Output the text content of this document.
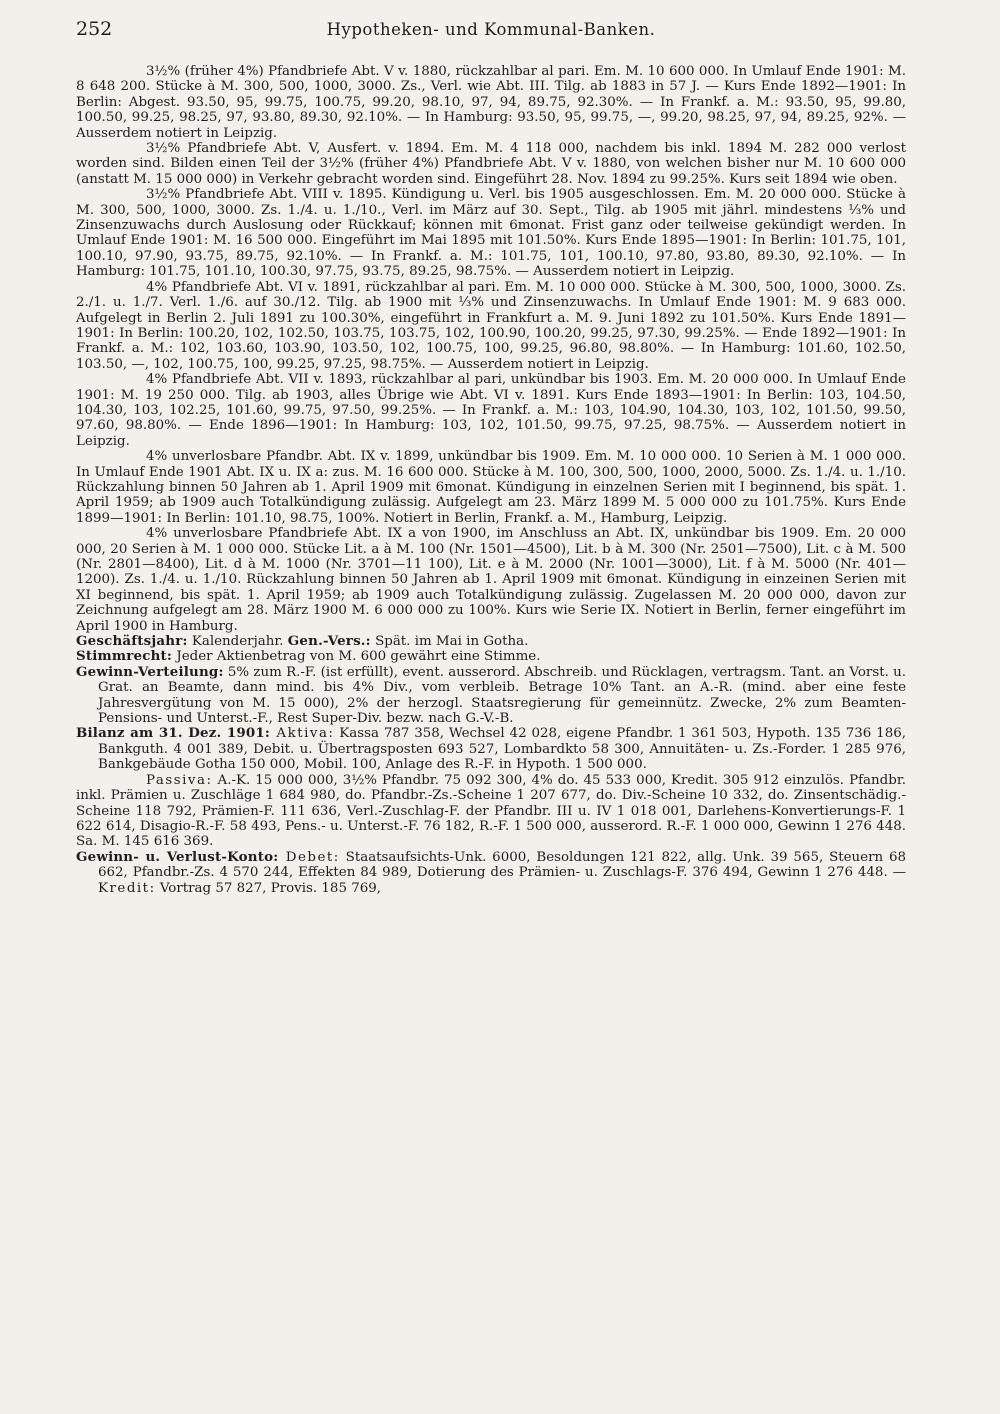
252	Hypotheken- und Kommunal-Banken.

3½% (früher 4%) Pfandbriefe Abt. V v. 1880, rückzahlbar al pari. Em. M. 10 600 000. In Umlauf Ende 1901: M. 8 648 200. Stücke à M. 300, 500, 1000, 3000. Zs., Verl. wie Abt. III. Tilg. ab 1883 in 57 J. — Kurs Ende 1892—1901: In Berlin: Abgest. 93.50, 95, 99.75, 100.75, 99.20, 98.10, 97, 94, 89.75, 92.30%. — In Frankf. a. M.: 93.50, 95, 99.80, 100.50, 99.25, 98.25, 97, 93.80, 89.30, 92.10%. — In Hamburg: 93.50, 95, 99.75, —, 99.20, 98.25, 97, 94, 89.25, 92%. — Ausserdem notiert in Leipzig.

3½% Pfandbriefe Abt. V, Ausfert. v. 1894. Em. M. 4 118 000, nachdem bis inkl. 1894 M. 282 000 verlost worden sind. Bilden einen Teil der 3½% (früher 4%) Pfandbriefe Abt. V v. 1880, von welchen bisher nur M. 10 600 000 (anstatt M. 15 000 000) in Verkehr gebracht worden sind. Eingeführt 28. Nov. 1894 zu 99.25%. Kurs seit 1894 wie oben.

3½% Pfandbriefe Abt. VIII v. 1895. Kündigung u. Verl. bis 1905 ausgeschlossen. Em. M. 20 000 000. Stücke à M. 300, 500, 1000, 3000. Zs. 1./4. u. 1./10., Verl. im März auf 30. Sept., Tilg. ab 1905 mit jährl. mindestens ⅓% und Zinsenzuwachs durch Auslosung oder Rückkauf; können mit 6monat. Frist ganz oder teilweise gekündigt werden. In Umlauf Ende 1901: M. 16 500 000. Eingeführt im Mai 1895 mit 101.50%. Kurs Ende 1895—1901: In Berlin: 101.75, 101, 100.10, 97.90, 93.75, 89.75, 92.10%. — In Frankf. a. M.: 101.75, 101, 100.10, 97.80, 93.80, 89.30, 92.10%. — In Hamburg: 101.75, 101.10, 100.30, 97.75, 93.75, 89.25, 98.75%. — Ausserdem notiert in Leipzig.

4% Pfandbriefe Abt. VI v. 1891, rückzahlbar al pari. Em. M. 10 000 000. Stücke à M. 300, 500, 1000, 3000. Zs. 2./1. u. 1./7. Verl. 1./6. auf 30./12. Tilg. ab 1900 mit ⅓% und Zinsenzuwachs. In Umlauf Ende 1901: M. 9 683 000. Aufgelegt in Berlin 2. Juli 1891 zu 100.30%, eingeführt in Frankfurt a. M. 9. Juni 1892 zu 101.50%. Kurs Ende 1891—1901: In Berlin: 100.20, 102, 102.50, 103.75, 103.75, 102, 100.90, 100.20, 99.25, 97.30, 99.25%. — Ende 1892—1901: In Frankf. a. M.: 102, 103.60, 103.90, 103.50, 102, 100.75, 100, 99.25, 96.80, 98.80%. — In Hamburg: 101.60, 102.50, 103.50, —, 102, 100.75, 100, 99.25, 97.25, 98.75%. — Ausserdem notiert in Leipzig.

4% Pfandbriefe Abt. VII v. 1893, rückzahlbar al pari, unkündbar bis 1903. Em. M. 20 000 000. In Umlauf Ende 1901: M. 19 250 000. Tilg. ab 1903, alles Übrige wie Abt. VI v. 1891. Kurs Ende 1893—1901: In Berlin: 103, 104.50, 104.30, 103, 102.25, 101.60, 99.75, 97.50, 99.25%. — In Frankf. a. M.: 103, 104.90, 104.30, 103, 102, 101.50, 99.50, 97.60, 98.80%. — Ende 1896—1901: In Hamburg: 103, 102, 101.50, 99.75, 97.25, 98.75%. — Ausserdem notiert in Leipzig.

4% unverlosbare Pfandbr. Abt. IX v. 1899, unkündbar bis 1909. Em. M. 10 000 000. 10 Serien à M. 1 000 000. In Umlauf Ende 1901 Abt. IX u. IX a: zus. M. 16 600 000. Stücke à M. 100, 300, 500, 1000, 2000, 5000. Zs. 1./4. u. 1./10. Rückzahlung binnen 50 Jahren ab 1. April 1909 mit 6monat. Kündigung in einzelnen Serien mit I beginnend, bis spät. 1. April 1959; ab 1909 auch Totalkündigung zulässig. Aufgelegt am 23. März 1899 M. 5 000 000 zu 101.75%. Kurs Ende 1899—1901: In Berlin: 101.10, 98.75, 100%. Notiert in Berlin, Frankf. a. M., Hamburg, Leipzig.

4% unverlosbare Pfandbriefe Abt. IX a von 1900, im Anschluss an Abt. IX, unkündbar bis 1909. Em. 20 000 000, 20 Serien à M. 1 000 000. Stücke Lit. a à M. 100 (Nr. 1501—4500), Lit. b à M. 300 (Nr. 2501—7500), Lit. c à M. 500 (Nr. 2801—8400), Lit. d à M. 1000 (Nr. 3701—11 100), Lit. e à M. 2000 (Nr. 1001—3000), Lit. f à M. 5000 (Nr. 401—1200). Zs. 1./4. u. 1./10. Rückzahlung binnen 50 Jahren ab 1. April 1909 mit 6monat. Kündigung in einzeinen Serien mit XI beginnend, bis spät. 1. April 1959; ab 1909 auch Totalkündigung zulässig. Zugelassen M. 20 000 000, davon zur Zeichnung aufgelegt am 28. März 1900 M. 6 000 000 zu 100%. Kurs wie Serie IX. Notiert in Berlin, ferner eingeführt im April 1900 in Hamburg.

Geschäftsjahr: Kalenderjahr. Gen.-Vers.: Spät. im Mai in Gotha.

Stimmrecht: Jeder Aktienbetrag von M. 600 gewährt eine Stimme.

Gewinn-Verteilung: 5% zum R.-F. (ist erfüllt), event. ausserord. Abschreib. und Rücklagen, vertragsm. Tant. an Vorst. u. Grat. an Beamte, dann mind. bis 4% Div., vom verbleib. Betrage 10% Tant. an A.-R. (mind. aber eine feste Jahresvergütung von M. 15 000), 2% der herzogl. Staatsregierung für gemeinnütz. Zwecke, 2% zum Beamten-Pensions- und Unterst.-F., Rest Super-Div. bezw. nach G.-V.-B.

Bilanz am 31. Dez. 1901: Aktiva: Kassa 787 358, Wechsel 42 028, eigene Pfandbr. 1 361 503, Hypoth. 135 736 186, Bankguth. 4 001 389, Debit. u. Übertragsposten 693 527, Lombardkto 58 300, Annuitäten- u. Zs.-Forder. 1 285 976, Bankgebäude Gotha 150 000, Mobil. 100, Anlage des R.-F. in Hypoth. 1 500 000.

Passiva: A.-K. 15 000 000, 3½% Pfandbr. 75 092 300, 4% do. 45 533 000, Kredit. 305 912 einzulös. Pfandbr. inkl. Prämien u. Zuschläge 1 684 980, do. Pfandbr.-Zs.-Scheine 1 207 677, do. Div.-Scheine 10 332, do. Zinsentschädig.-Scheine 118 792, Prämien-F. 111 636, Verl.-Zuschlag-F. der Pfandbr. III u. IV 1 018 001, Darlehens-Konvertierungs-F. 1 622 614, Disagio-R.-F. 58 493, Pens.- u. Unterst.-F. 76 182, R.-F. 1 500 000, ausserord. R.-F. 1 000 000, Gewinn 1 276 448. Sa. M. 145 616 369.

Gewinn- u. Verlust-Konto: Debet: Staatsaufsichts-Unk. 6000, Besoldungen 121 822, allg. Unk. 39 565, Steuern 68 662, Pfandbr.-Zs. 4 570 244, Effekten 84 989, Dotierung des Prämien- u. Zuschlags-F. 376 494, Gewinn 1 276 448. — Kredit: Vortrag 57 827, Provis. 185 769,
